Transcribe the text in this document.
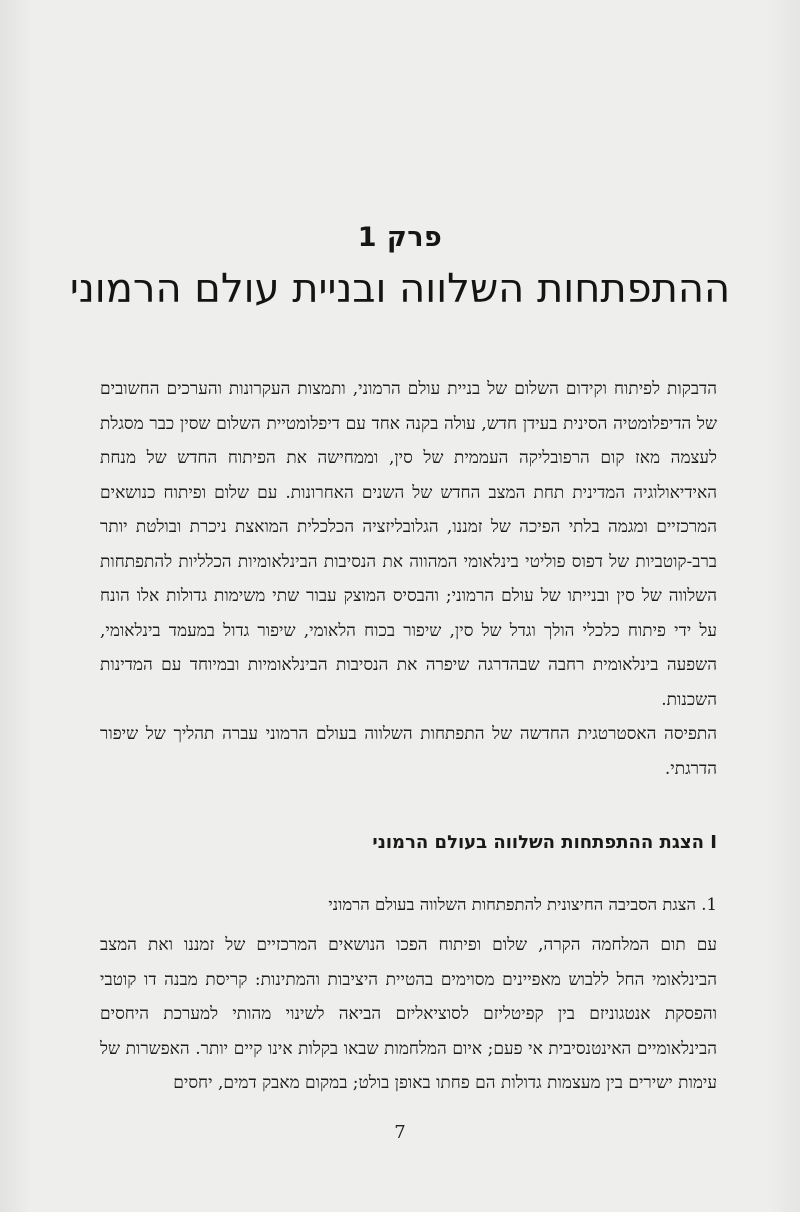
פרק 1
ההתפתחות השלווה ובניית עולם הרמוני

הדבקות לפיתוח וקידום השלום של בניית עולם הרמוני, ותמצות העקרונות והערכים החשובים של הדיפלומטיה הסינית בעידן חדש, עולה בקנה אחד עם דיפלומטיית השלום שסין כבר מסגלת לעצמה מאז קום הרפובליקה העממית של סין, וממחישה את הפיתוח החדש של מנחת האידיאולוגיה המדינית תחת המצב החדש של השנים האחרונות. עם שלום ופיתוח כנושאים המרכזיים ומגמה בלתי הפיכה של זמננו, הגלובליזציה הכלכלית המואצת ניכרת ובולטת יותר ברב-קוטביות של דפוס פוליטי בינלאומי המהווה את הנסיבות הבינלאומיות הכלליות להתפתחות השלווה של סין ובנייתו של עולם הרמוני; והבסיס המוצק עבור שתי משימות גדולות אלו הונח על ידי פיתוח כלכלי הולך וגדל של סין, שיפור בכוח הלאומי, שיפור גדול במעמד בינלאומי, השפעה בינלאומית רחבה שבהדרגה שיפרה את הנסיבות הבינלאומיות ובמיוחד עם המדינות השכנות.

התפיסה האסטרטגית החדשה של התפתחות השלווה בעולם הרמוני עברה תהליך של שיפור הדרגתי.

I הצגת ההתפתחות השלווה בעולם הרמוני
1. הצגת הסביבה החיצונית להתפתחות השלווה בעולם הרמוני

עם תום המלחמה הקרה, שלום ופיתוח הפכו הנושאים המרכזיים של זמננו ואת המצב הבינלאומי החל ללבוש מאפיינים מסוימים בהטיית היציבות והמתינות: קריסת מבנה דו קוטבי והפסקת אנטגוניזם בין קפיטליזם לסוציאליזם הביאה לשינוי מהותי למערכת היחסים הבינלאומיים האינטנסיבית אי פעם; איום המלחמות שבאו בקלות אינו קיים יותר. האפשרות של עימות ישירים בין מעצמות גדולות הם פחתו באופן בולט; במקום מאבק דמים, יחסים

7
